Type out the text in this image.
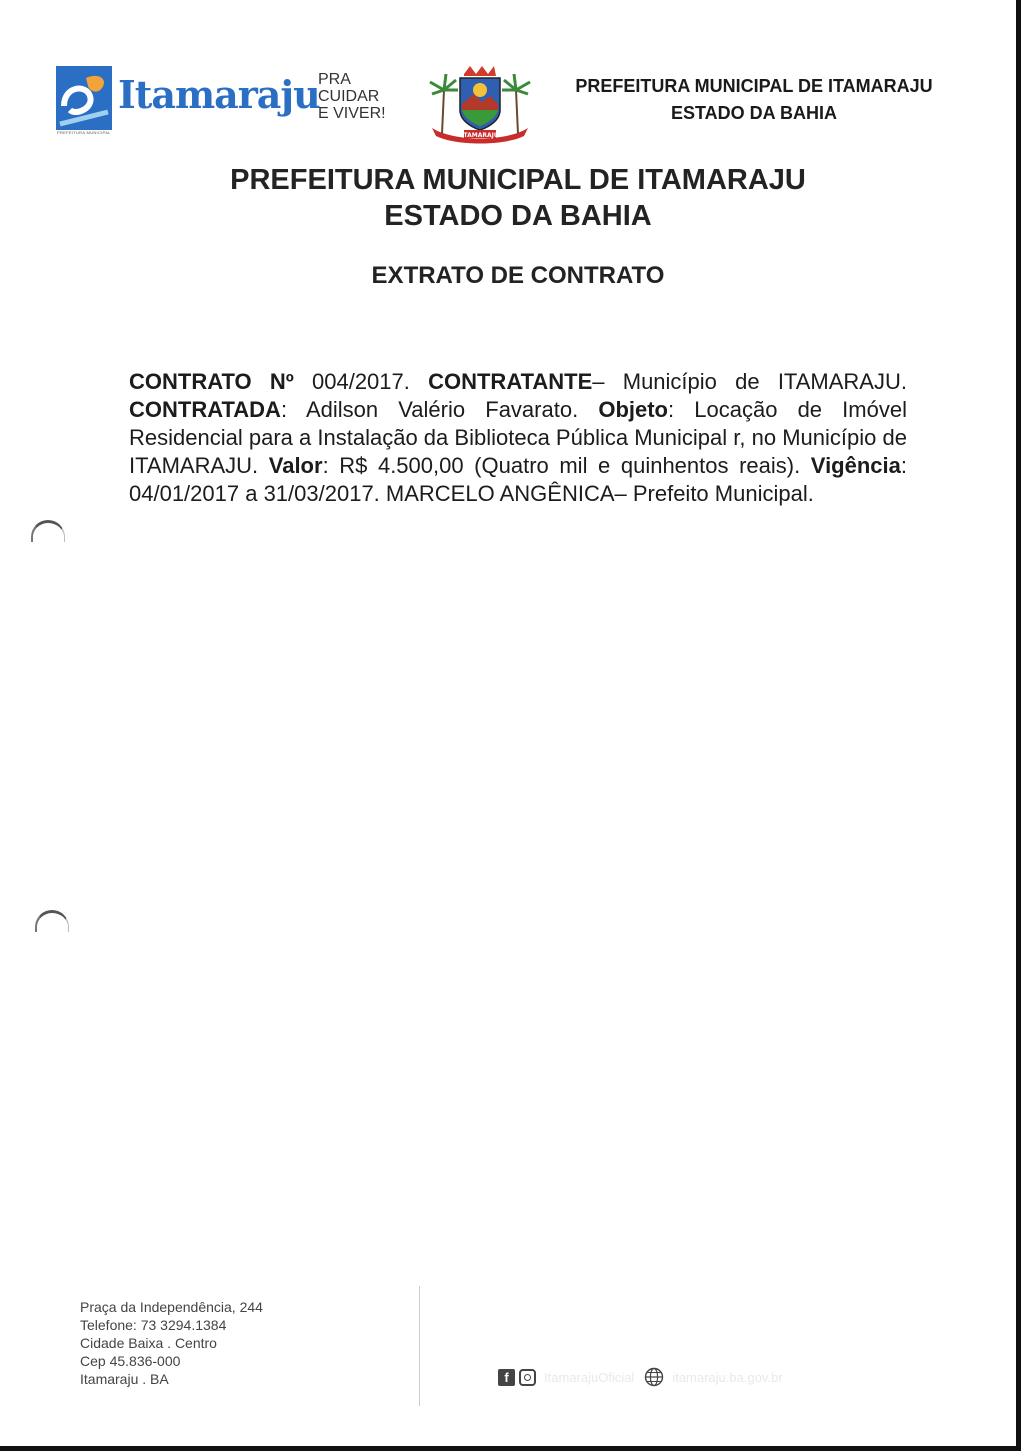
Itamaraju
PREFEITURA MUNICIPAL
PRA
CUIDAR
E VIVER!
ITAMARAJU
PREFEITURA MUNICIPAL DE ITAMARAJU
ESTADO DA BAHIA
PREFEITURA MUNICIPAL DE ITAMARAJU
ESTADO DA BAHIA
EXTRATO DE CONTRATO
CONTRATO Nº 004/2017. CONTRATANTE– Município de ITAMARAJU. CONTRATADA: Adilson Valério Favarato. Objeto: Locação de Imóvel Residencial para a Instalação da Biblioteca Pública Municipal r, no Município de ITAMARAJU. Valor: R$ 4.500,00 (Quatro mil e quinhentos reais). Vigência: 04/01/2017 a 31/03/2017. MARCELO ANGÊNICA– Prefeito Municipal.
Praça da Independência, 244
Telefone: 73 3294.1384
Cidade Baixa . Centro
Cep 45.836-000
Itamaraju . BA	f	ItamarajuOficial	itamaraju.ba.gov.br
